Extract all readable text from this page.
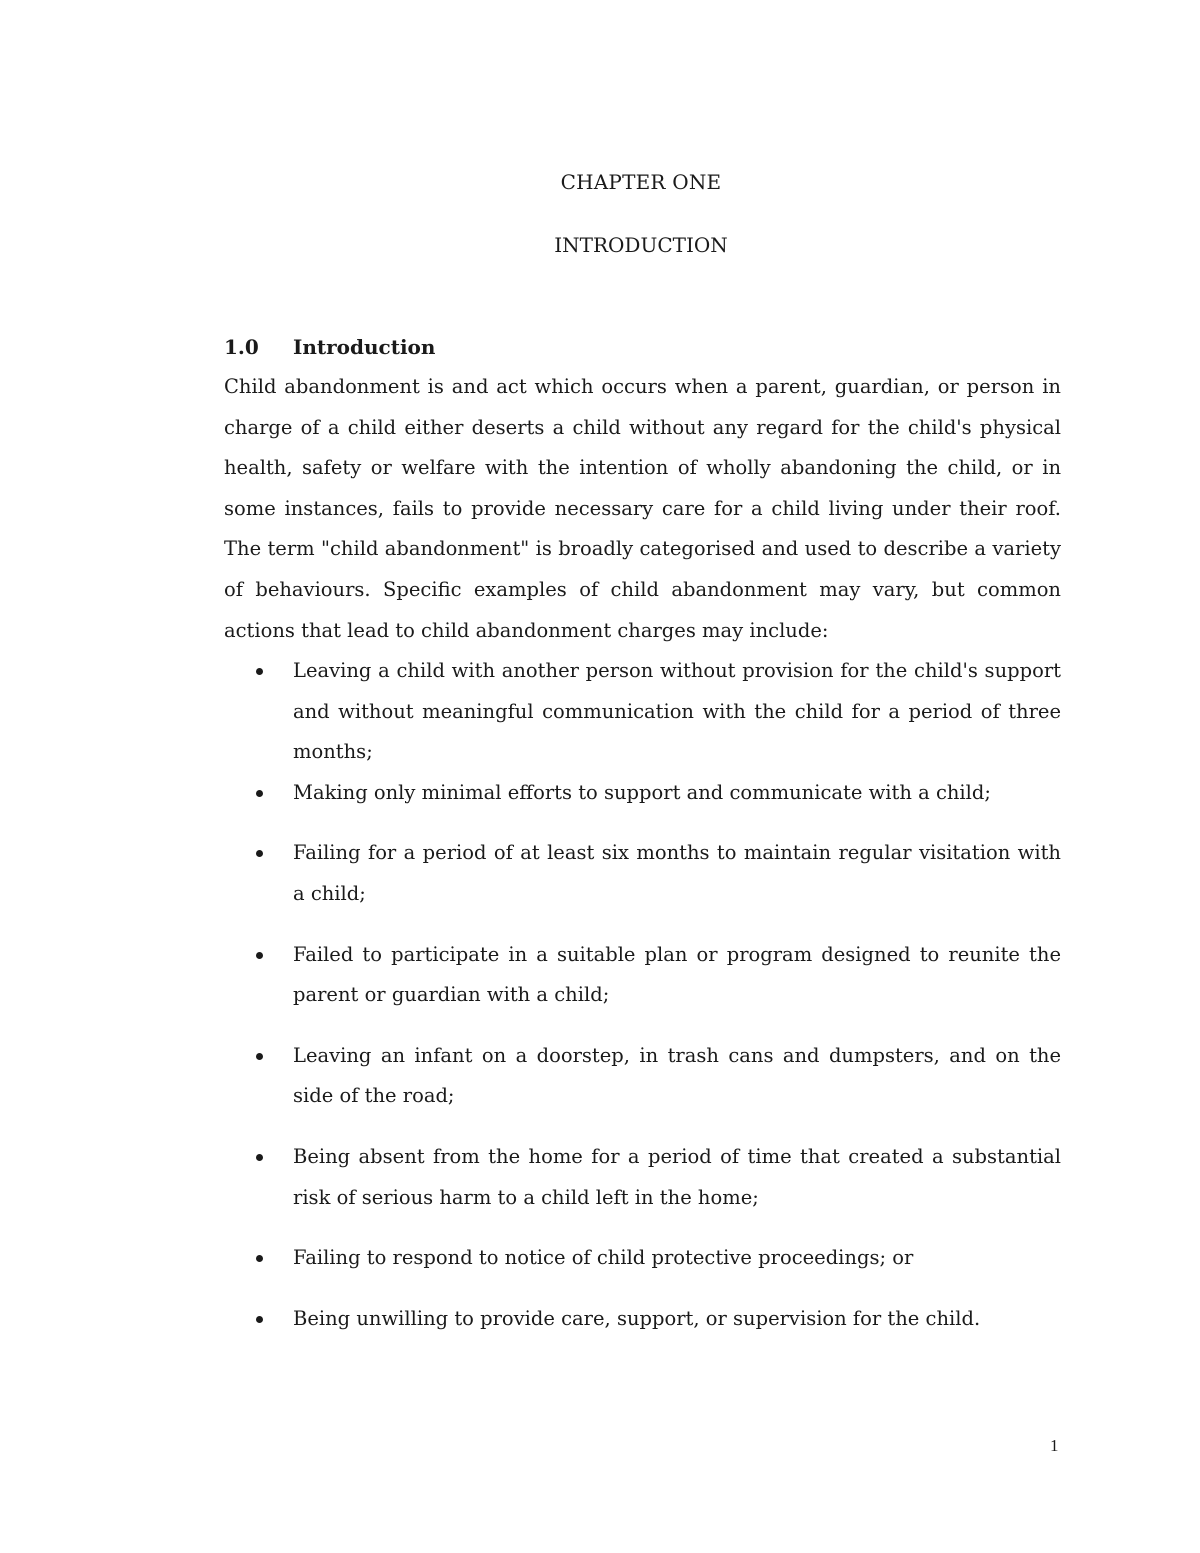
CHAPTER ONE
INTRODUCTION
1.0 Introduction

Child abandonment is and act which occurs when a parent, guardian, or person in charge of a child either deserts a child without any regard for the child's physical health, safety or welfare with the intention of wholly abandoning the child, or in some instances, fails to provide necessary care for a child living under their roof. The term "child abandonment" is broadly categorised and used to describe a variety of behaviours. Specific examples of child abandonment may vary, but common actions that lead to child abandonment charges may include:

Leaving a child with another person without provision for the child's support and without meaningful communication with the child for a period of three months;
Making only minimal efforts to support and communicate with a child;
Failing for a period of at least six months to maintain regular visitation with a child;
Failed to participate in a suitable plan or program designed to reunite the parent or guardian with a child;
Leaving an infant on a doorstep, in trash cans and dumpsters, and on the side of the road;
Being absent from the home for a period of time that created a substantial risk of serious harm to a child left in the home;
Failing to respond to notice of child protective proceedings; or
Being unwilling to provide care, support, or supervision for the child.
1
